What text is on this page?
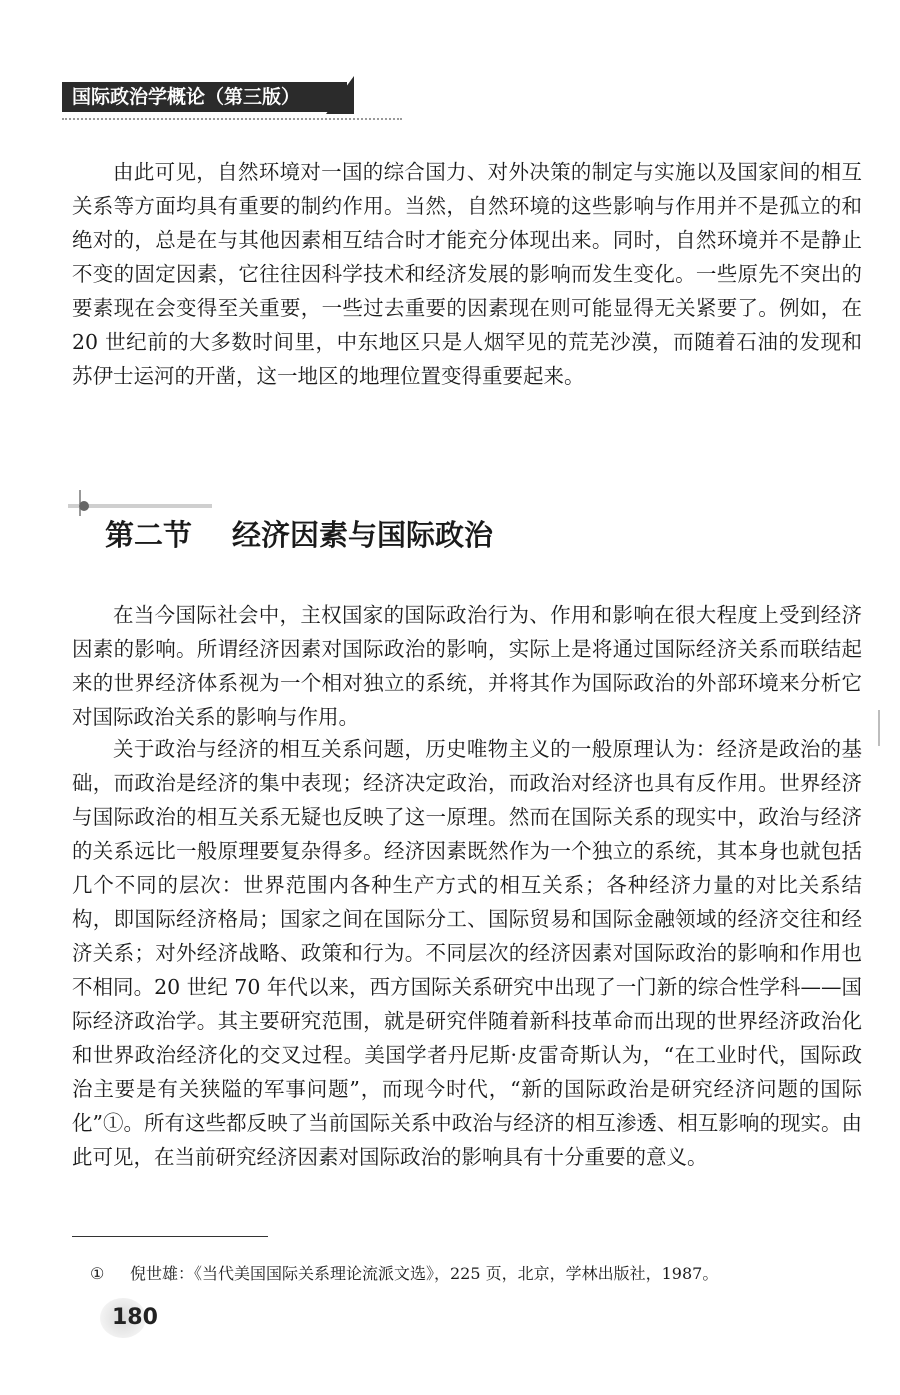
国际政治学概论（第三版）

由此可见，自然环境对一国的综合国力、对外决策的制定与实施以及国家间的相互关系等方面均具有重要的制约作用。当然，自然环境的这些影响与作用并不是孤立的和绝对的，总是在与其他因素相互结合时才能充分体现出来。同时，自然环境并不是静止不变的固定因素，它往往因科学技术和经济发展的影响而发生变化。一些原先不突出的要素现在会变得至关重要，一些过去重要的因素现在则可能显得无关紧要了。例如，在 20 世纪前的大多数时间里，中东地区只是人烟罕见的荒芜沙漠，而随着石油的发现和苏伊士运河的开凿，这一地区的地理位置变得重要起来。

第二节 经济因素与国际政治

在当今国际社会中，主权国家的国际政治行为、作用和影响在很大程度上受到经济因素的影响。所谓经济因素对国际政治的影响，实际上是将通过国际经济关系而联结起来的世界经济体系视为一个相对独立的系统，并将其作为国际政治的外部环境来分析它对国际政治关系的影响与作用。

关于政治与经济的相互关系问题，历史唯物主义的一般原理认为：经济是政治的基础，而政治是经济的集中表现；经济决定政治，而政治对经济也具有反作用。世界经济与国际政治的相互关系无疑也反映了这一原理。然而在国际关系的现实中，政治与经济的关系远比一般原理要复杂得多。经济因素既然作为一个独立的系统，其本身也就包括几个不同的层次：世界范围内各种生产方式的相互关系；各种经济力量的对比关系结构，即国际经济格局；国家之间在国际分工、国际贸易和国际金融领域的经济交往和经济关系；对外经济战略、政策和行为。不同层次的经济因素对国际政治的影响和作用也不相同。20 世纪 70 年代以来，西方国际关系研究中出现了一门新的综合性学科——国际经济政治学。其主要研究范围，就是研究伴随着新科技革命而出现的世界经济政治化和世界政治经济化的交叉过程。美国学者丹尼斯·皮雷奇斯认为，“在工业时代，国际政治主要是有关狭隘的军事问题”，而现今时代，“新的国际政治是研究经济问题的国际化”①。所有这些都反映了当前国际关系中政治与经济的相互渗透、相互影响的现实。由此可见，在当前研究经济因素对国际政治的影响具有十分重要的意义。

① 倪世雄：《当代美国国际关系理论流派文选》，225 页，北京，学林出版社，1987。
180
